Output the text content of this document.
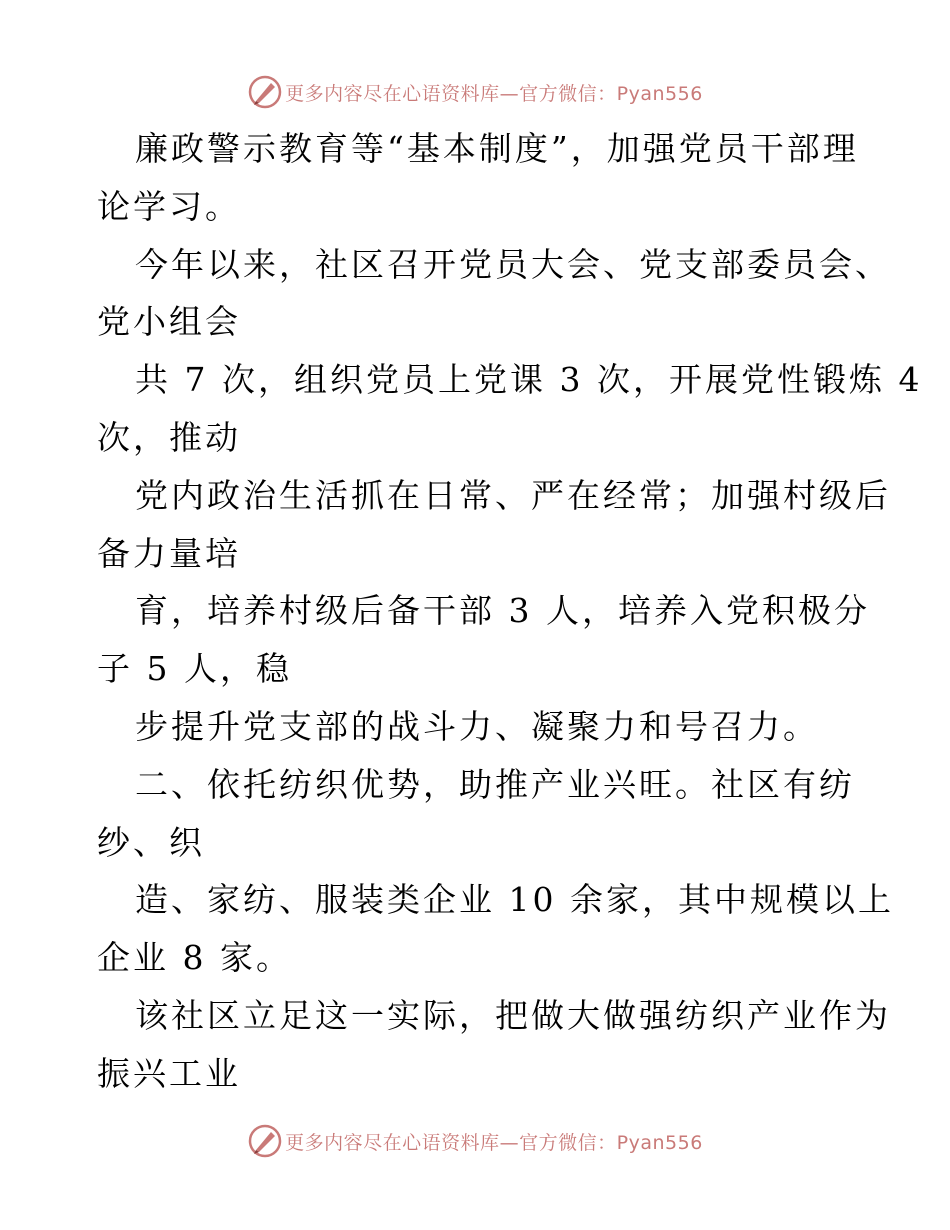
更多内容尽在心语资料库—官方微信：Pyan556
廉政警示教育等“基本制度”，加强党员干部理
论学习。
今年以来，社区召开党员大会、党支部委员会、
党小组会
共 7 次，组织党员上党课 3 次，开展党性锻炼 4
次，推动
党内政治生活抓在日常、严在经常；加强村级后
备力量培
育，培养村级后备干部 3 人，培养入党积极分
子 5 人，稳
步提升党支部的战斗力、凝聚力和号召力。
二、依托纺织优势，助推产业兴旺。社区有纺
纱、织
造、家纺、服装类企业 10 余家，其中规模以上
企业 8 家。
该社区立足这一实际，把做大做强纺织产业作为
振兴工业
更多内容尽在心语资料库—官方微信：Pyan556
